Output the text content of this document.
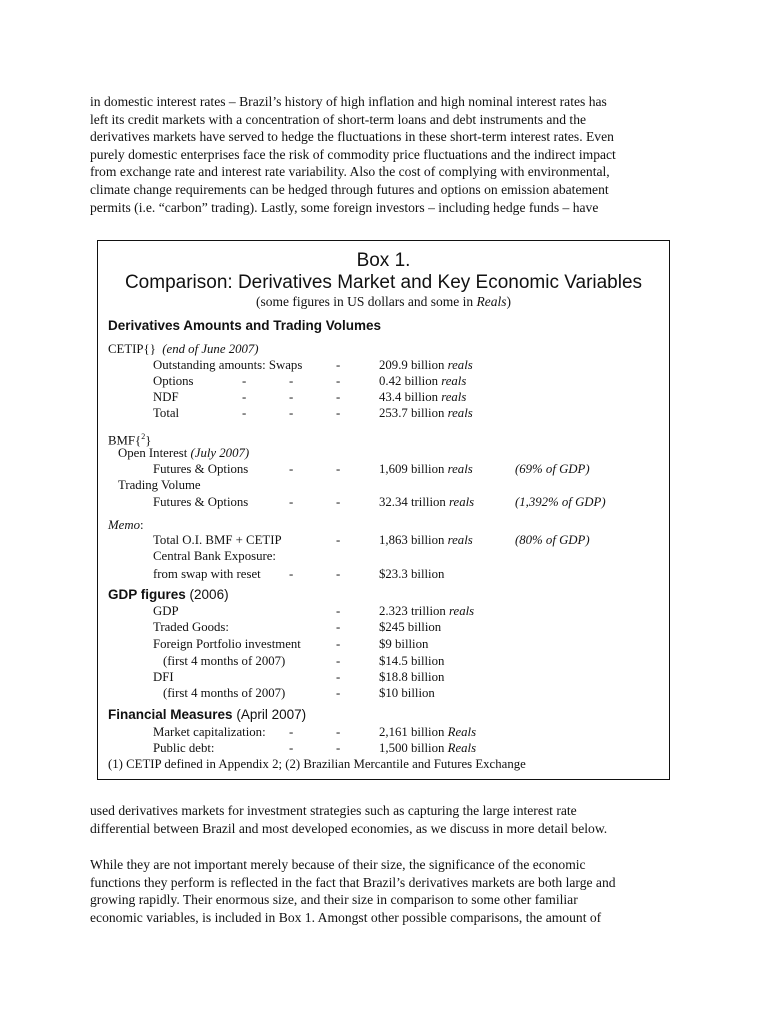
in domestic interest rates – Brazil’s history of high inflation and high nominal interest rates has
left its credit markets with a concentration of short-term loans and debt instruments and the
derivatives markets have served to hedge the fluctuations in these short-term interest rates. Even
purely domestic enterprises face the risk of commodity price fluctuations and the indirect impact
from exchange rate and interest rate variability. Also the cost of complying with environmental,
climate change requirements can be hedged through futures and options on emission abatement
permits (i.e. “carbon” trading). Lastly, some foreign investors – including hedge funds – have
Box 1.
Comparison: Derivatives Market and Key Economic Variables
(some figures in US dollars and some in Reals)
Derivatives Amounts and Trading Volumes
CETIP{} (end of June 2007)
Outstanding amounts: Swaps	-	209.9 billion reals
Options	-	-	-	0.42 billion reals
NDF	-	-	-	43.4 billion reals
Total	-	-	-	253.7 billion reals
BMF{$^2$}
Open Interest (July 2007)
Futures & Options	-	-	1,609 billion reals	(69% of GDP)
Trading Volume
Futures & Options	-	-	32.34 trillion reals	(1,392% of GDP)
Memo:
Total O.I. BMF + CETIP	-	1,863 billion reals	(80% of GDP)
Central Bank Exposure:
from swap with reset -	-	$23.3 billion
GDP figures (2006)
GDP	-	2.323 trillion reals
Traded Goods:	-	$245 billion
Foreign Portfolio investment	-	$9 billion
(first 4 months of 2007)	-	$14.5 billion
DFI	-	$18.8 billion
(first 4 months of 2007)	-	$10 billion
Financial Measures (April 2007)
Market capitalization: -	-	2,161 billion Reals
Public debt:	-	-	1,500 billion Reals
(1) CETIP defined in Appendix 2; (2) Brazilian Mercantile and Futures Exchange
used derivatives markets for investment strategies such as capturing the large interest rate
differential between Brazil and most developed economies, as we discuss in more detail below.
While they are not important merely because of their size, the significance of the economic
functions they perform is reflected in the fact that Brazil’s derivatives markets are both large and
growing rapidly. Their enormous size, and their size in comparison to some other familiar
economic variables, is included in Box 1. Amongst other possible comparisons, the amount of
